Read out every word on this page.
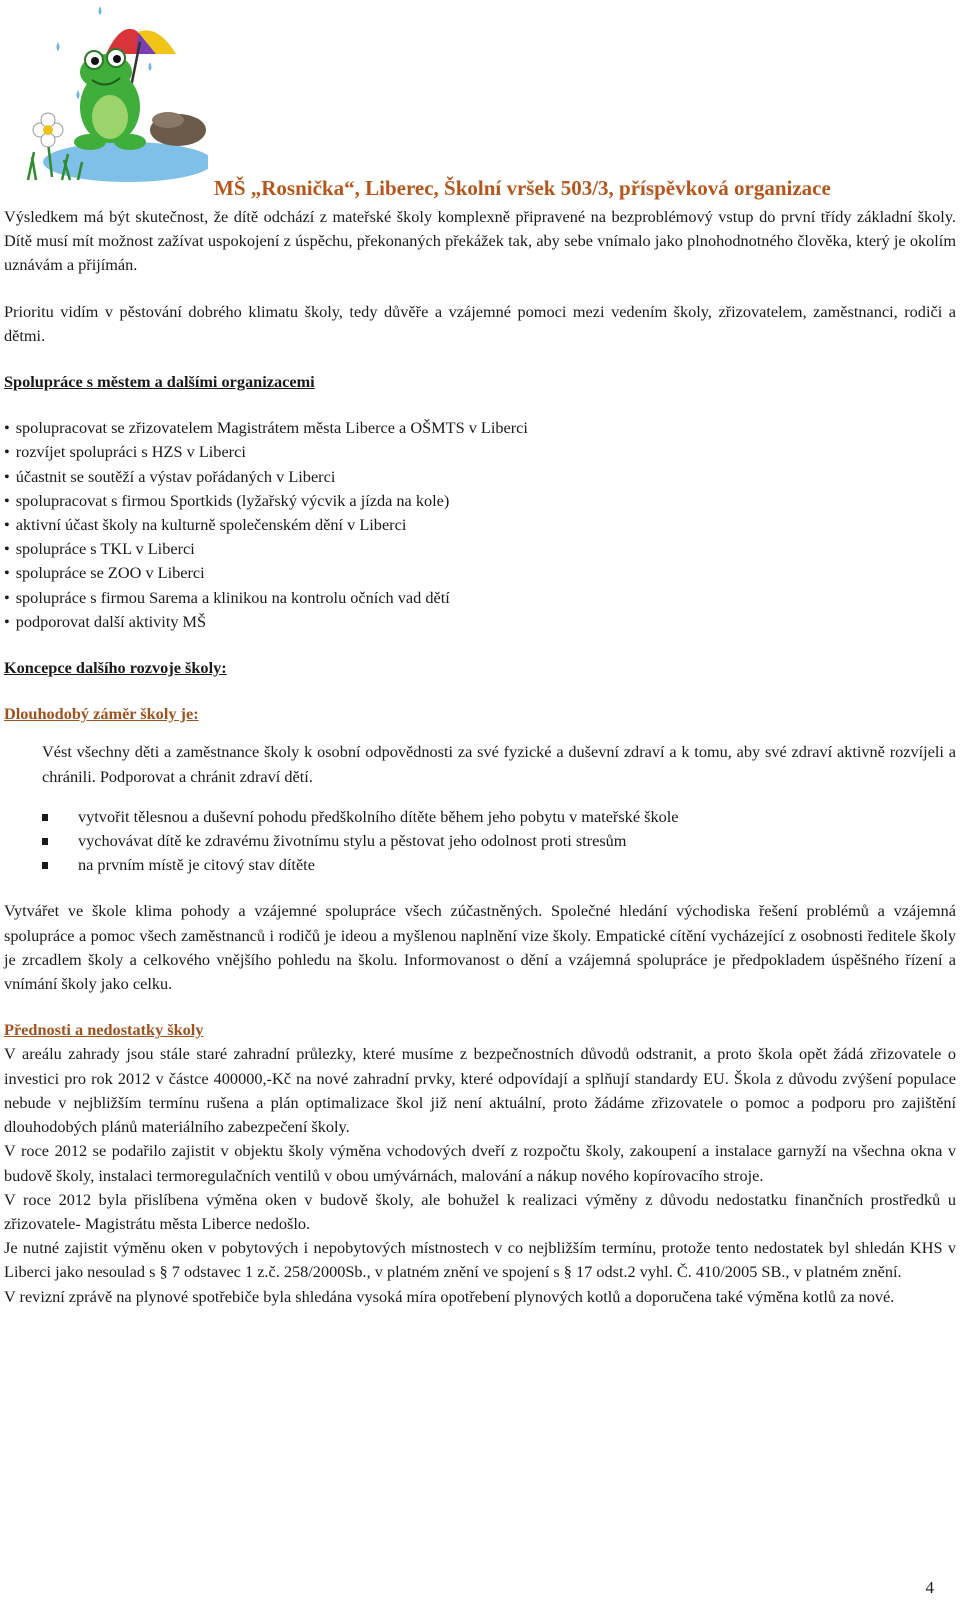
MŠ „Rosnička“, Liberec, Školní vršek 503/3, příspěvková organizace

Výsledkem má být skutečnost, že dítě odchází z mateřské školy komplexně připravené na bezproblémový vstup do první třídy základní školy. Dítě musí mít možnost zažívat uspokojení z úspěchu, překonaných překážek tak, aby sebe vnímalo jako plnohodnotného člověka, který je okolím uznávám a přijímán.

Prioritu vidím v pěstování dobrého klimatu školy, tedy důvěře a vzájemné pomoci mezi vedením školy, zřizovatelem, zaměstnanci, rodiči a dětmi.

Spolupráce s městem a dalšími organizacemi

• spolupracovat se zřizovatelem Magistrátem města Liberce a OŠMTS v Liberci
• rozvíjet spolupráci s HZS v Liberci
• účastnit se soutěží a výstav pořádaných v Liberci
• spolupracovat s firmou Sportkids (lyžařský výcvik a jízda na kole)
• aktivní účast školy na kulturně společenském dění v Liberci
• spolupráce s TKL v Liberci
• spolupráce se ZOO v Liberci
• spolupráce s firmou Sarema a klinikou na kontrolu očních vad dětí
• podporovat další aktivity MŠ

Koncepce dalšího rozvoje školy:

Dlouhodobý záměr školy je:

Vést všechny děti a zaměstnance školy k osobní odpovědnosti za své fyzické a duševní zdraví a k tomu, aby své zdraví aktivně rozvíjeli a chránili. Podporovat a chránit zdraví dětí.

vytvořit tělesnou a duševní pohodu předškolního dítěte během jeho pobytu v mateřské škole
vychovávat dítě ke zdravému životnímu stylu a pěstovat jeho odolnost proti stresům
na prvním místě je citový stav dítěte

Vytvářet ve škole klima pohody a vzájemné spolupráce všech zúčastněných. Společné hledání východiska řešení problémů a vzájemná spolupráce a pomoc všech zaměstnanců i rodičů je ideou a myšlenou naplnění vize školy. Empatické cítění vycházející z osobnosti ředitele školy je zrcadlem školy a celkového vnějšího pohledu na školu. Informovanost o dění a vzájemná spolupráce je předpokladem úspěšného řízení a vnímání školy jako celku.

Přednosti a nedostatky školy

V areálu zahrady jsou stále staré zahradní průlezky, které musíme z bezpečnostních důvodů odstranit, a proto škola opět žádá zřizovatele o investici pro rok 2012 v částce 400000,-Kč na nové zahradní prvky, které odpovídají a splňují standardy EU. Škola z důvodu zvýšení populace nebude v nejbližším termínu rušena a plán optimalizace škol již není aktuální, proto žádáme zřizovatele o pomoc a podporu pro zajištění dlouhodobých plánů materiálního zabezpečení školy.

V roce 2012 se podařilo zajistit v objektu školy výměna vchodových dveří z rozpočtu školy, zakoupení a instalace garnyží na všechna okna v budově školy, instalaci termoregulačních ventilů v obou umývárnách, malování a nákup nového kopírovacího stroje.

V roce 2012 byla přislíbena výměna oken v budově školy, ale bohužel k realizaci výměny z důvodu nedostatku finančních prostředků u zřizovatele- Magistrátu města Liberce nedošlo.

Je nutné zajistit výměnu oken v pobytových i nepobytových místnostech v co nejbližším termínu, protože tento nedostatek byl shledán KHS v Liberci jako nesoulad s § 7 odstavec 1 z.č. 258/2000Sb., v platném znění ve spojení s § 17 odst.2 vyhl. Č. 410/2005 SB., v platném znění.

V revizní zprávě na plynové spotřebiče byla shledána vysoká míra opotřebení plynových kotlů a doporučena také výměna kotlů za nové.

4
